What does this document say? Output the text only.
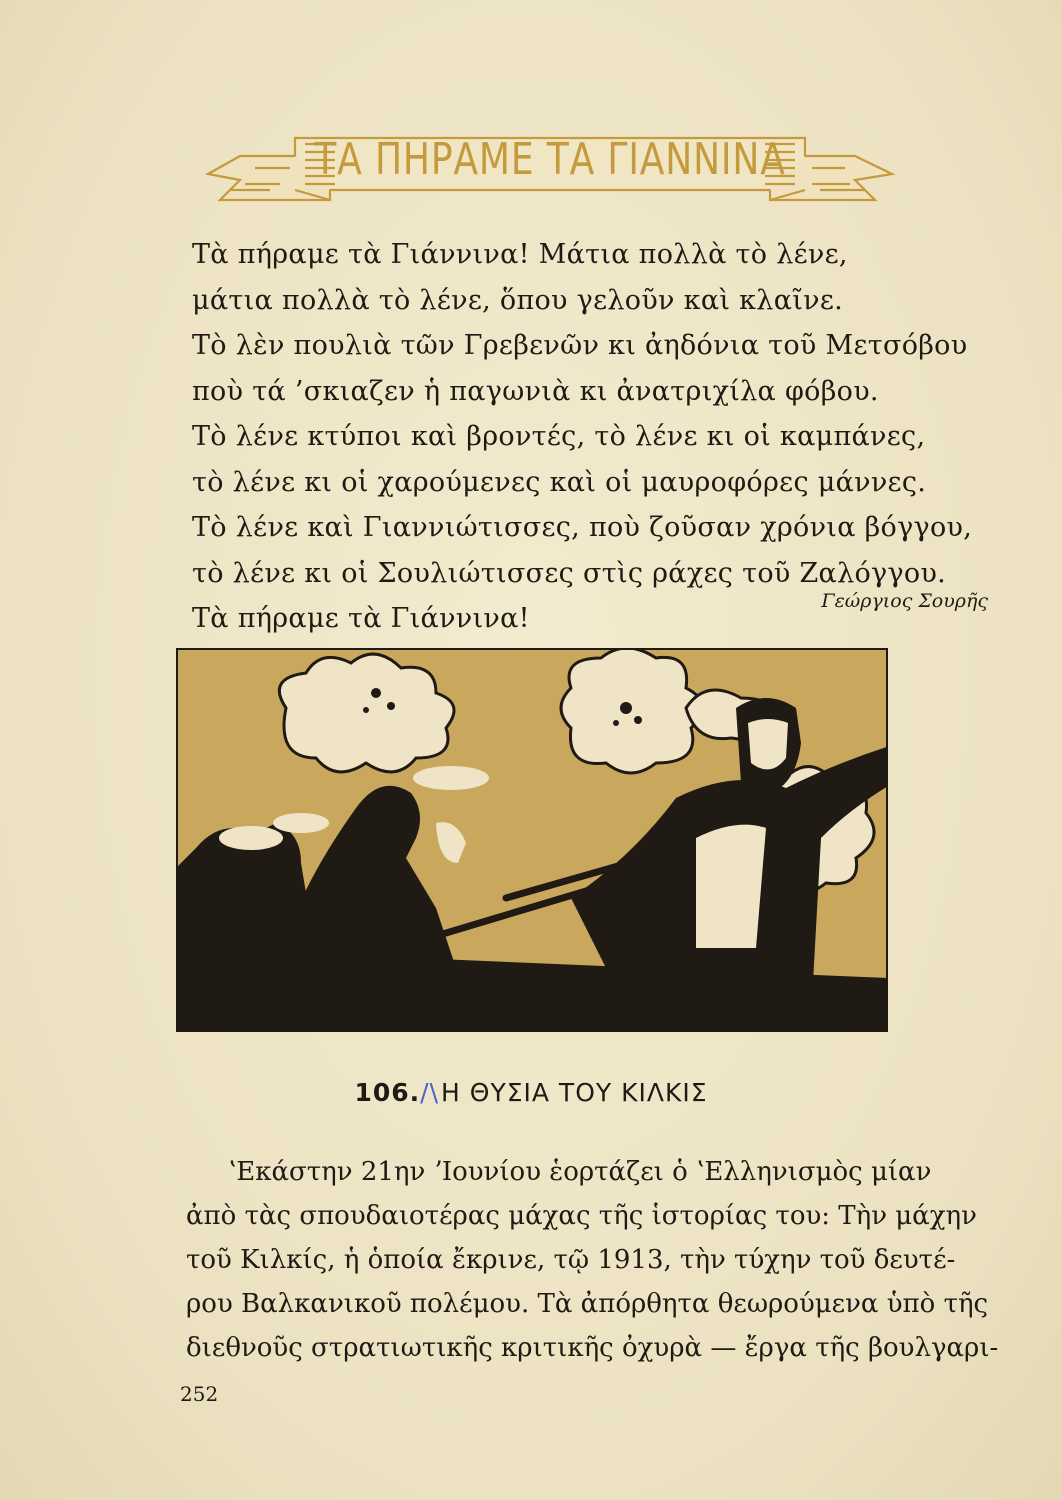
ΤΑ ΠΗΡΑΜΕ ΤΑ ΓΙΑΝΝΙΝΑ

Τὰ πήραμε τὰ Γιάννινα! Μάτια πολλὰ τὸ λένε,

μάτια πολλὰ τὸ λένε, ὅπου γελοῦν καὶ κλαῖνε.

Τὸ λὲν πουλιὰ τῶν Γρεβενῶν κι ἀηδόνια τοῦ Μετσόβου

ποὺ τά ’σκιαζεν ἡ παγωνιὰ κι ἀνατριχίλα φόβου.

Τὸ λένε κτύποι καὶ βροντές, τὸ λένε κι οἱ καμπάνες,

τὸ λένε κι οἱ χαρούμενες καὶ οἱ μαυροφόρες μάννες.

Τὸ λένε καὶ Γιαννιώτισσες, ποὺ ζοῦσαν χρόνια βόγγου,

τὸ λένε κι οἱ Σουλιώτισσες στὶς ράχες τοῦ Ζαλόγγου.

Τὰ πήραμε τὰ Γιάννινα!

Γεώργιος Σουρῆς
106./\Η ΘΥΣΙΑ ΤΟΥ ΚΙΛΚΙΣ

ʽΕκάστην 21ην ʼΙουνίου ἑορτάζει ὁ ʽΕλληνισμὸς μίαν

ἀπὸ τὰς σπουδαιοτέρας μάχας τῆς ἱστορίας του: Τὴν μάχην

τοῦ Κιλκίς, ἡ ὁποία ἔκρινε, τῷ 1913, τὴν τύχην τοῦ δευτέ-

ρου Βαλκανικοῦ πολέμου. Τὰ ἀπόρθητα θεωρούμενα ὑπὸ τῆς

διεθνοῦς στρατιωτικῆς κριτικῆς ὀχυρὰ — ἔργα τῆς βουλγαρι-

252
